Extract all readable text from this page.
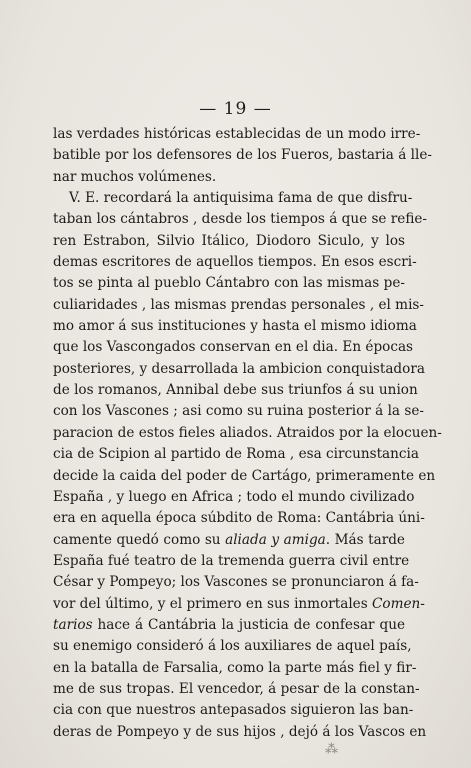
— 19 —
las verdades históricas establecidas de un modo irre-
batible por los defensores de los Fueros, bastaria á lle-
nar muchos volúmenes.
V. E. recordará la antiquisima fama de que disfru-
taban los cántabros , desde los tiempos á que se refie-
ren Estrabon, Silvio Itálico, Diodoro Siculo, y los
demas escritores de aquellos tiempos. En esos escri-
tos se pinta al pueblo Cántabro con las mismas pe-
culiaridades , las mismas prendas personales , el mis-
mo amor á sus instituciones y hasta el mismo idioma
que los Vascongados conservan en el dia. En épocas
posteriores, y desarrollada la ambicion conquistadora
de los romanos, Annibal debe sus triunfos á su union
con los Vascones ; asi como su ruina posterior á la se-
paracion de estos fieles aliados. Atraidos por la elocuen-
cia de Scipion al partido de Roma , esa circunstancia
decide la caida del poder de Cartágo, primeramente en
España , y luego en Africa ; todo el mundo civilizado
era en aquella época súbdito de Roma: Cantábria úni-
camente quedó como su aliada y amiga. Más tarde
España fué teatro de la tremenda guerra civil entre
César y Pompeyo; los Vascones se pronunciaron á fa-
vor del último, y el primero en sus inmortales Comen-
tarios hace á Cantábria la justicia de confesar que
su enemigo consideró á los auxiliares de aquel país,
en la batalla de Farsalia, como la parte más fiel y fir-
me de sus tropas. El vencedor, á pesar de la constan-
cia con que nuestros antepasados siguieron las ban-
deras de Pompeyo y de sus hijos , dejó á los Vascos en
⁂
